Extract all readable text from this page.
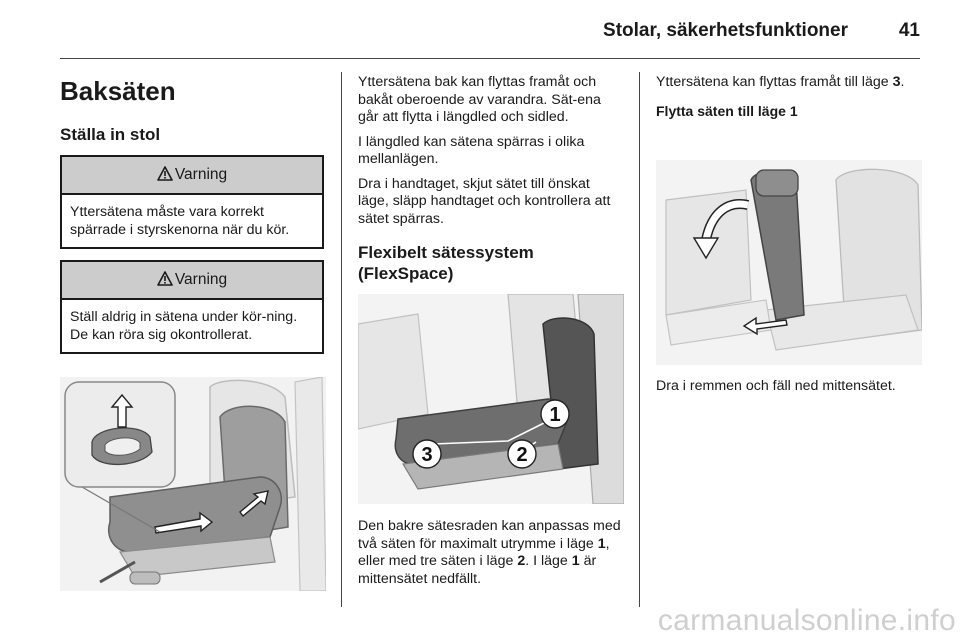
Stolar, säkerhetsfunktioner	41
Baksäten
Ställa in stol
Varning
Yttersätena måste vara korrekt spärrade i styrskenorna när du kör.
Varning
Ställ aldrig in sätena under kör-ning. De kan röra sig okontrollerat.

Yttersätena bak kan flyttas framåt och bakåt oberoende av varandra. Sät-ena går att flytta i längdled och sidled.

I längdled kan sätena spärras i olika mellanlägen.

Dra i handtaget, skjut sätet till önskat läge, släpp handtaget och kontrollera att sätet spärras.

Flexibelt sätessystem (FlexSpace)
1
2
3

Den bakre sätesraden kan anpassas med två säten för maximalt utrymme i läge 1, eller med tre säten i läge 2. I läge 1 är mittensätet nedfällt.

Yttersätena kan flyttas framåt till läge 3.

Flytta säten till läge 1

Dra i remmen och fäll ned mittensätet.

carmanualsonline.info
